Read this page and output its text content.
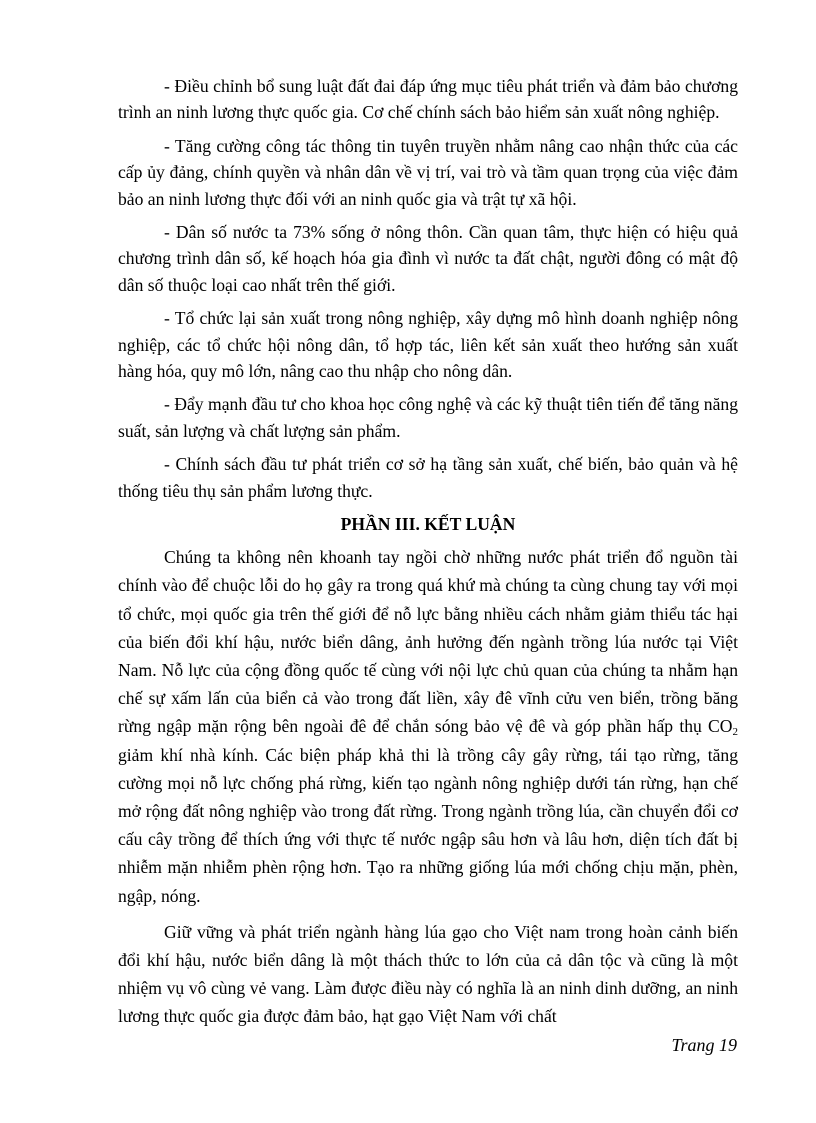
- Điều chỉnh bổ sung luật đất đai đáp ứng mục tiêu phát triển và đảm bảo chương trình an ninh lương thực quốc gia. Cơ chế chính sách bảo hiểm sản xuất nông nghiệp.

- Tăng cường công tác thông tin tuyên truyền nhằm nâng cao nhận thức của các cấp ủy đảng, chính quyền và nhân dân về vị trí, vai trò và tầm quan trọng của việc đảm bảo an ninh lương thực đối với an ninh quốc gia và trật tự xã hội.

- Dân số nước ta 73% sống ở nông thôn. Cần quan tâm, thực hiện có hiệu quả chương trình dân số, kế hoạch hóa gia đình vì nước ta đất chật, người đông có mật độ dân số thuộc loại cao nhất trên thế giới.

- Tổ chức lại sản xuất trong nông nghiệp, xây dựng mô hình doanh nghiệp nông nghiệp, các tổ chức hội nông dân, tổ hợp tác, liên kết sản xuất theo hướng sản xuất hàng hóa, quy mô lớn, nâng cao thu nhập cho nông dân.

- Đẩy mạnh đầu tư cho khoa học công nghệ và các kỹ thuật tiên tiến để tăng năng suất, sản lượng và chất lượng sản phẩm.

- Chính sách đầu tư phát triển cơ sở hạ tầng sản xuất, chế biến, bảo quản và hệ thống tiêu thụ sản phẩm lương thực.

PHẦN III. KẾT LUẬN

Chúng ta không nên khoanh tay ngồi chờ những nước phát triển đổ nguồn tài chính vào để chuộc lỗi do họ gây ra trong quá khứ mà chúng ta cùng chung tay với mọi tổ chức, mọi quốc gia trên thế giới để nỗ lực bằng nhiều cách nhằm giảm thiểu tác hại của biến đổi khí hậu, nước biển dâng, ảnh hưởng đến ngành trồng lúa nước tại Việt Nam. Nỗ lực của cộng đồng quốc tế cùng với nội lực chủ quan của chúng ta nhằm hạn chế sự xấm lấn của biển cả vào trong đất liền, xây đê vĩnh cửu ven biển, trồng băng rừng ngập mặn rộng bên ngoài đê để chắn sóng bảo vệ đê và góp phần hấp thụ $CO_2$ giảm khí nhà kính. Các biện pháp khả thi là trồng cây gây rừng, tái tạo rừng, tăng cường mọi nỗ lực chống phá rừng, kiến tạo ngành nông nghiệp dưới tán rừng, hạn chế mở rộng đất nông nghiệp vào trong đất rừng. Trong ngành trồng lúa, cần chuyển đổi cơ cấu cây trồng để thích ứng với thực tế nước ngập sâu hơn và lâu hơn, diện tích đất bị nhiễm mặn nhiễm phèn rộng hơn. Tạo ra những giống lúa mới chống chịu mặn, phèn, ngập, nóng.

Giữ vững và phát triển ngành hàng lúa gạo cho Việt nam trong hoàn cảnh biến đổi khí hậu, nước biển dâng là một thách thức to lớn của cả dân tộc và cũng là một nhiệm vụ vô cùng vẻ vang. Làm được điều này có nghĩa là an ninh dinh dưỡng, an ninh lương thực quốc gia được đảm bảo, hạt gạo Việt Nam với chất

Trang 19
